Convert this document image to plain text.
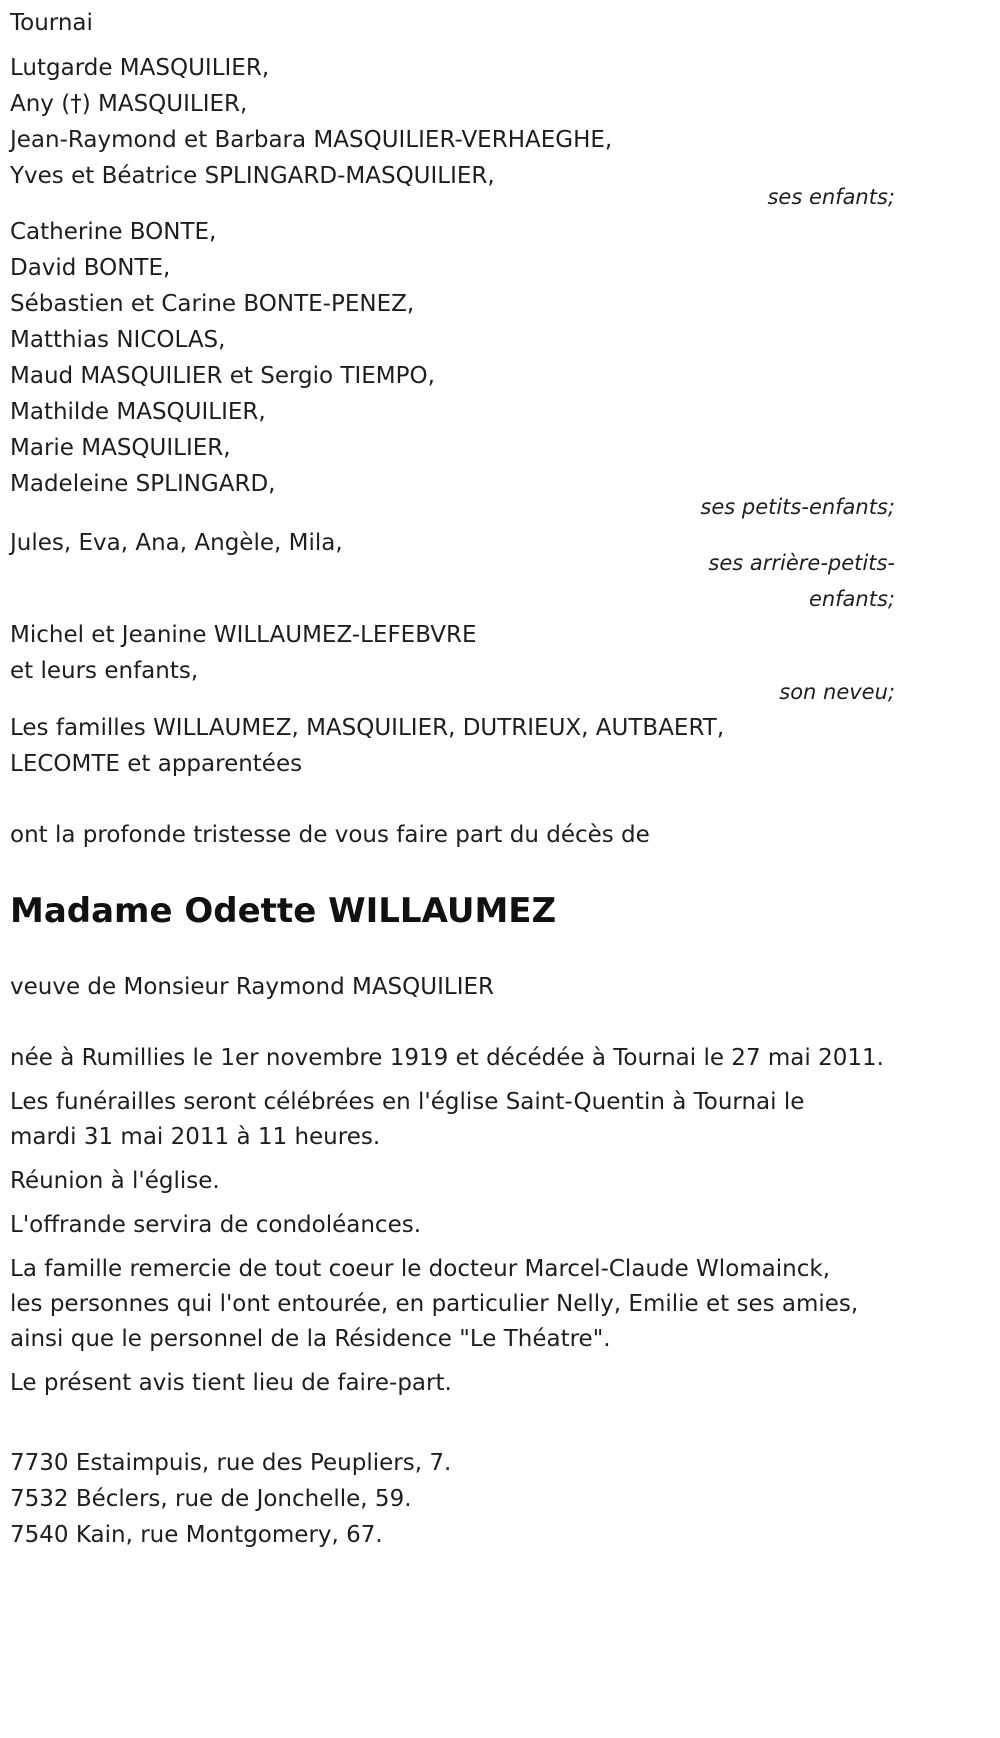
Tournai
Lutgarde MASQUILIER,
Any (†) MASQUILIER,
Jean-Raymond et Barbara MASQUILIER-VERHAEGHE,
Yves et Béatrice SPLINGARD-MASQUILIER,
ses enfants;
Catherine BONTE,
David BONTE,
Sébastien et Carine BONTE-PENEZ,
Matthias NICOLAS,
Maud MASQUILIER et Sergio TIEMPO,
Mathilde MASQUILIER,
Marie MASQUILIER,
Madeleine SPLINGARD,
ses petits-enfants;
Jules, Eva, Ana, Angèle, Mila,
ses arrière-petits-
enfants;
Michel et Jeanine WILLAUMEZ-LEFEBVRE
et leurs enfants,
son neveu;
Les familles WILLAUMEZ, MASQUILIER, DUTRIEUX, AUTBAERT,
LECOMTE et apparentées
ont la profonde tristesse de vous faire part du décès de
Madame Odette WILLAUMEZ
veuve de Monsieur Raymond MASQUILIER
née à Rumillies le 1er novembre 1919 et décédée à Tournai le 27 mai 2011.
Les funérailles seront célébrées en l'église Saint-Quentin à Tournai le
mardi 31 mai 2011 à 11 heures.
Réunion à l'église.
L'offrande servira de condoléances.
La famille remercie de tout coeur le docteur Marcel-Claude Wlomainck,
les personnes qui l'ont entourée, en particulier Nelly, Emilie et ses amies,
ainsi que le personnel de la Résidence "Le Théatre".
Le présent avis tient lieu de faire-part.
7730 Estaimpuis, rue des Peupliers, 7.
7532 Béclers, rue de Jonchelle, 59.
7540 Kain, rue Montgomery, 67.
